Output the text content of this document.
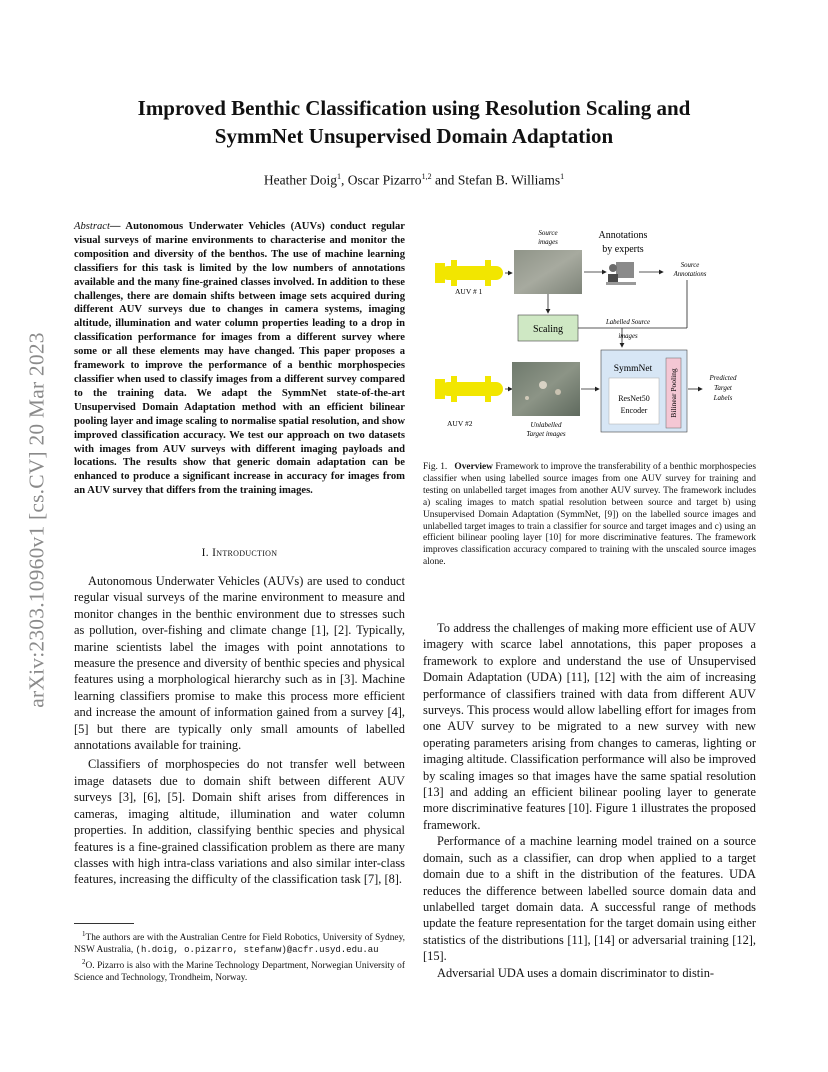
arXiv:2303.10960v1 [cs.CV] 20 Mar 2023
Improved Benthic Classification using Resolution Scaling and
SymmNet Unsupervised Domain Adaptation
Heather Doig$^1$, Oscar Pizarro$^{1,2}$ and Stefan B. Williams$^1$
Abstract— Autonomous Underwater Vehicles (AUVs) conduct regular visual surveys of marine environments to characterise and monitor the composition and diversity of the benthos. The use of machine learning classifiers for this task is limited by the low numbers of annotations available and the many fine-grained classes involved. In addition to these challenges, there are domain shifts between image sets acquired during different AUV surveys due to changes in camera systems, imaging altitude, illumination and water column properties leading to a drop in classification performance for images from a different survey where some or all these elements may have changed. This paper proposes a framework to improve the performance of a benthic morphospecies classifier when used to classify images from a different survey compared to the training data. We adapt the SymmNet state-of-the-art Unsupervised Domain Adaptation method with an efficient bilinear pooling layer and image scaling to normalise spatial resolution, and show improved classification accuracy. We test our approach on two datasets with images from AUV surveys with different imaging payloads and locations. The results show that generic domain adaptation can be enhanced to produce a significant increase in accuracy for images from an AUV survey that differs from the training images.
I. Introduction

Autonomous Underwater Vehicles (AUVs) are used to conduct regular visual surveys of the marine environment to measure and monitor changes in the benthic environment due to stresses such as pollution, over-fishing and climate change [1], [2]. Typically, marine scientists label the images with point annotations to measure the presence and diversity of benthic species and physical features using a morphological hierarchy such as in [3]. Machine learning classifiers promise to make this process more efficient and increase the amount of information gained from a survey [4], [5] but there are typically only small amounts of labelled annotations available for training.

Classifiers of morphospecies do not transfer well between image datasets due to domain shift between different AUV surveys [3], [6], [5]. Domain shift arises from differences in cameras, imaging altitude, illumination and water column properties. In addition, classifying benthic species and physical features is a fine-grained classification problem as there are many classes with high intra-class variations and also similar inter-class features, increasing the difficulty of the classification task [7], [8].

$^1$The authors are with the Australian Centre for Field Robotics, University of Sydney, NSW Australia, (h.doig, o.pizarro, stefanw)@acfr.usyd.edu.au

$^2$O. Pizarro is also with the Marine Technology Department, Norwegian University of Science and Technology, Trondheim, Norway.

AUV # 1
AUV #2
Source
images
Annotations
by experts
Source
Annotations
Scaling
Labelled Source
images
Unlabelled
Target images
SymmNet
ResNet50
Encoder	Bilinear Pooling	Predicted
Target
Labels
Fig. 1. Overview Framework to improve the transferability of a benthic morphospecies classifier when using labelled source images from one AUV survey for training and testing on unlabelled target images from another AUV survey. The framework includes a) scaling images to match spatial resolution between source and target b) using Unsupervised Domain Adaptation (SymmNet, [9]) on the labelled source images and unlabelled target images to train a classifier for source and target images and c) using an efficient bilinear pooling layer [10] for more discriminative features. The framework improves classification accuracy compared to training with the unscaled source images alone.

To address the challenges of making more efficient use of AUV imagery with scarce label annotations, this paper proposes a framework to explore and understand the use of Unsupervised Domain Adaptation (UDA) [11], [12] with the aim of increasing performance of classifiers trained with data from different AUV surveys. This process would allow labelling effort for images from one AUV survey to be migrated to a new survey with new operating parameters arising from changes to cameras, lighting or imaging altitude. Classification performance will also be improved by scaling images so that images have the same spatial resolution [13] and adding an efficient bilinear pooling layer to generate more discriminative features [10]. Figure 1 illustrates the proposed framework.

Performance of a machine learning model trained on a source domain, such as a classifier, can drop when applied to a target domain due to a shift in the distribution of the features. UDA reduces the difference between labelled source domain data and unlabelled target domain data. A successful range of methods update the feature representation for the target domain using either statistics of the distributions [11], [14] or adversarial training [12], [15].

Adversarial UDA uses a domain discriminator to distin-
